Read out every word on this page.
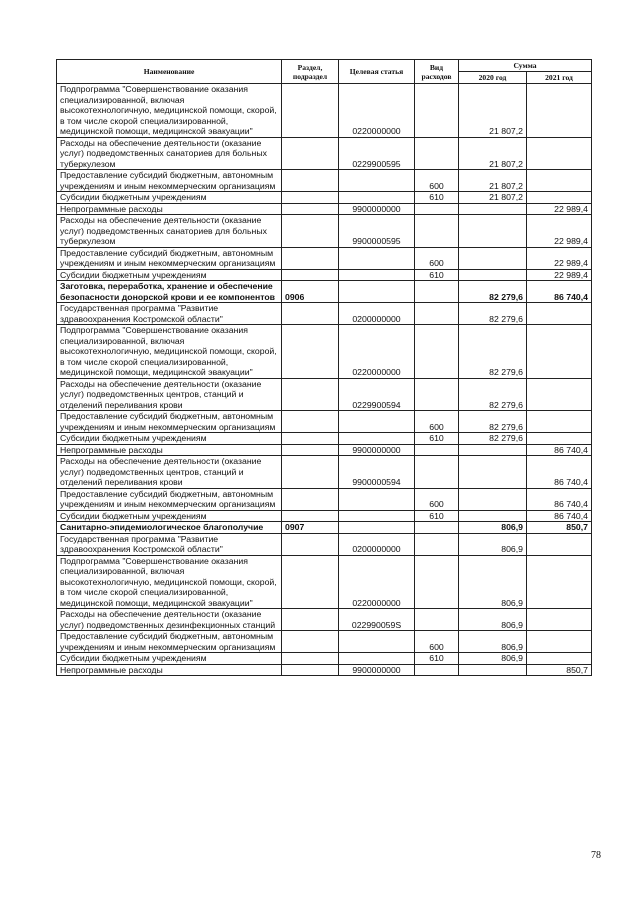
Наименование	Раздел, подраздел	Целевая статья	Вид расходов	Сумма	
				2020 год	2021 год
Подпрограмма "Совершенствование оказания специализированной, включая высокотехнологичную, медицинской помощи, скорой, в том числе скорой специализированной, медицинской помощи, медицинской эвакуации"		0220000000		21 807,2	
Расходы на обеспечение деятельности (оказание услуг) подведомственных санаториев для больных туберкулезом		0229900595		21 807,2	
Предоставление субсидий бюджетным, автономным учреждениям и иным некоммерческим организациям			600	21 807,2	
Субсидии бюджетным учреждениям			610	21 807,2	
Непрограммные расходы		9900000000			22 989,4
Расходы на обеспечение деятельности (оказание услуг) подведомственных санаториев для больных туберкулезом		9900000595			22 989,4
Предоставление субсидий бюджетным, автономным учреждениям и иным некоммерческим организациям			600		22 989,4
Субсидии бюджетным учреждениям			610		22 989,4
Заготовка, переработка, хранение и обеспечение безопасности донорской крови и ее компонентов	0906			82 279,6	86 740,4
Государственная программа "Развитие здравоохранения Костромской области"		0200000000		82 279,6	
Подпрограмма "Совершенствование оказания специализированной, включая высокотехнологичную, медицинской помощи, скорой, в том числе скорой специализированной, медицинской помощи, медицинской эвакуации"		0220000000		82 279,6	
Расходы на обеспечение деятельности (оказание услуг) подведомственных центров, станций и отделений переливания крови		0229900594		82 279,6	
Предоставление субсидий бюджетным, автономным учреждениям и иным некоммерческим организациям			600	82 279,6	
Субсидии бюджетным учреждениям			610	82 279,6	
Непрограммные расходы		9900000000			86 740,4
Расходы на обеспечение деятельности (оказание услуг) подведомственных центров, станций и отделений переливания крови		9900000594			86 740,4
Предоставление субсидий бюджетным, автономным учреждениям и иным некоммерческим организациям			600		86 740,4
Субсидии бюджетным учреждениям			610		86 740,4
Санитарно-эпидемиологическое благополучие	0907			806,9	850,7
Государственная программа "Развитие здравоохранения Костромской области"		0200000000		806,9	
Подпрограмма "Совершенствование оказания специализированной, включая высокотехнологичную, медицинской помощи, скорой, в том числе скорой специализированной, медицинской помощи, медицинской эвакуации"		0220000000		806,9	
Расходы на обеспечение деятельности (оказание услуг) подведомственных дезинфекционных станций		022990059S		806,9	
Предоставление субсидий бюджетным, автономным учреждениям и иным некоммерческим организациям			600	806,9	
Субсидии бюджетным учреждениям			610	806,9	
Непрограммные расходы		9900000000			850,7
78
